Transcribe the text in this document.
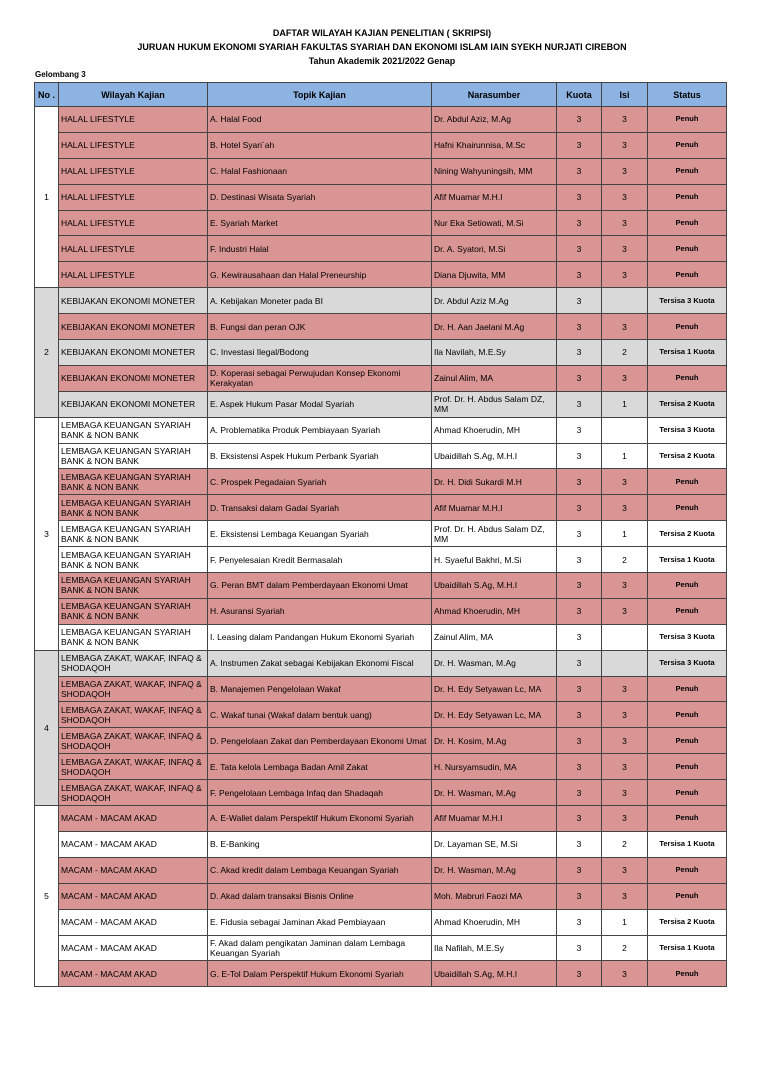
DAFTAR WILAYAH KAJIAN PENELITIAN ( SKRIPSI)
JURUAN HUKUM EKONOMI SYARIAH FAKULTAS SYARIAH DAN EKONOMI ISLAM IAIN SYEKH NURJATI CIREBON
Tahun Akademik 2021/2022 Genap
Gelombang 3
No .	Wilayah Kajian	Topik Kajian	Narasumber	Kuota	Isi	Status
1	HALAL LIFESTYLE	A. Halal Food	Dr. Abdul Aziz, M.Ag	3	3	Penuh

	HALAL LIFESTYLE	B. Hotel Syari`ah	Hafni Khairunnisa, M.Sc	3	3	Penuh

	HALAL LIFESTYLE	C. Halal Fashionaan	Nining Wahyuningsih, MM	3	3	Penuh

	HALAL LIFESTYLE	D. Destinasi Wisata Syariah	Afif Muamar M.H.I	3	3	Penuh

	HALAL LIFESTYLE	E. Syariah Market	Nur Eka Setiowati, M.Si	3	3	Penuh

	HALAL LIFESTYLE	F. Industri Halal	Dr. A. Syatori, M.Si	3	3	Penuh

	HALAL LIFESTYLE	G. Kewirausahaan dan Halal Preneurship	Diana Djuwita, MM	3	3	Penuh

2	KEBIJAKAN EKONOMI MONETER	A. Kebijakan Moneter pada BI	Dr. Abdul Aziz M.Ag	3		Tersisa 3 Kuota

	KEBIJAKAN EKONOMI MONETER	B. Fungsi dan peran OJK	Dr. H. Aan Jaelani M.Ag	3	3	Penuh

	KEBIJAKAN EKONOMI MONETER	C. Investasi Ilegal/Bodong	Ila Navilah, M.E.Sy	3	2	Tersisa 1 Kuota

	KEBIJAKAN EKONOMI MONETER	D. Koperasi sebagai Perwujudan Konsep Ekonomi Kerakyatan	Zainul Alim, MA	3	3	Penuh

	KEBIJAKAN EKONOMI MONETER	E. Aspek Hukum Pasar Modal Syariah	Prof. Dr. H. Abdus Salam DZ, MM	3	1	Tersisa 2 Kuota

3	LEMBAGA KEUANGAN SYARIAH BANK & NON BANK	A. Problematika Produk Pembiayaan Syariah	Ahmad Khoerudin, MH	3		Tersisa 3 Kuota

	LEMBAGA KEUANGAN SYARIAH BANK & NON BANK	B. Eksistensi Aspek Hukum Perbank Syariah	Ubaidillah S.Ag, M.H.I	3	1	Tersisa 2 Kuota

	LEMBAGA KEUANGAN SYARIAH BANK & NON BANK	C. Prospek Pegadaian Syariah	Dr. H. Didi Sukardi M.H	3	3	Penuh

	LEMBAGA KEUANGAN SYARIAH BANK & NON BANK	D. Transaksi dalam Gadai Syariah	Afif Muamar M.H.I	3	3	Penuh

	LEMBAGA KEUANGAN SYARIAH BANK & NON BANK	E. Eksistensi Lembaga Keuangan Syariah	Prof. Dr. H. Abdus Salam DZ, MM	3	1	Tersisa 2 Kuota

	LEMBAGA KEUANGAN SYARIAH BANK & NON BANK	F. Penyelesaian Kredit Bermasalah	H. Syaeful Bakhri, M.Si	3	2	Tersisa 1 Kuota

	LEMBAGA KEUANGAN SYARIAH BANK & NON BANK	G. Peran BMT dalam Pemberdayaan Ekonomi Umat	Ubaidillah S.Ag, M.H.I	3	3	Penuh

	LEMBAGA KEUANGAN SYARIAH BANK & NON BANK	H. Asuransi Syariah	Ahmad Khoerudin, MH	3	3	Penuh

	LEMBAGA KEUANGAN SYARIAH BANK & NON BANK	I. Leasing dalam Pandangan Hukum Ekonomi Syariah	Zainul Alim, MA	3		Tersisa 3 Kuota

4	LEMBAGA ZAKAT, WAKAF, INFAQ & SHODAQOH	A. Instrumen Zakat sebagai Kebijakan Ekonomi Fiscal	Dr. H. Wasman, M.Ag	3		Tersisa 3 Kuota

	LEMBAGA ZAKAT, WAKAF, INFAQ & SHODAQOH	B. Manajemen Pengelolaan Wakaf	Dr. H. Edy Setyawan Lc, MA	3	3	Penuh

	LEMBAGA ZAKAT, WAKAF, INFAQ & SHODAQOH	C. Wakaf tunai (Wakaf dalam bentuk uang)	Dr. H. Edy Setyawan Lc, MA	3	3	Penuh

	LEMBAGA ZAKAT, WAKAF, INFAQ & SHODAQOH	D. Pengelolaan Zakat dan Pemberdayaan Ekonomi Umat	Dr. H. Kosim, M.Ag	3	3	Penuh

	LEMBAGA ZAKAT, WAKAF, INFAQ & SHODAQOH	E. Tata kelola Lembaga Badan Amil Zakat	H. Nursyamsudin, MA	3	3	Penuh

	LEMBAGA ZAKAT, WAKAF, INFAQ & SHODAQOH	F. Pengelolaan Lembaga Infaq dan Shadaqah	Dr. H. Wasman, M.Ag	3	3	Penuh

5	MACAM - MACAM AKAD	A. E-Wallet dalam Perspektif Hukum Ekonomi Syariah	Afif Muamar M.H.I	3	3	Penuh

	MACAM - MACAM AKAD	B. E-Banking	Dr. Layaman SE, M.Si	3	2	Tersisa 1 Kuota

	MACAM - MACAM AKAD	C. Akad kredit dalam Lembaga Keuangan Syariah	Dr. H. Wasman, M.Ag	3	3	Penuh

	MACAM - MACAM AKAD	D. Akad dalam transaksi Bisnis Online	Moh. Mabruri Faozi MA	3	3	Penuh

	MACAM - MACAM AKAD	E. Fidusia sebagai Jaminan Akad Pembiayaan	Ahmad Khoerudin, MH	3	1	Tersisa 2 Kuota

	MACAM - MACAM AKAD	F. Akad dalam pengikatan Jaminan dalam Lembaga Keuangan Syariah	Ila Nafilah, M.E.Sy	3	2	Tersisa 1 Kuota

	MACAM - MACAM AKAD	G. E-Tol Dalam Perspektif Hukum Ekonomi Syariah	Ubaidillah S.Ag, M.H.I	3	3	Penuh
